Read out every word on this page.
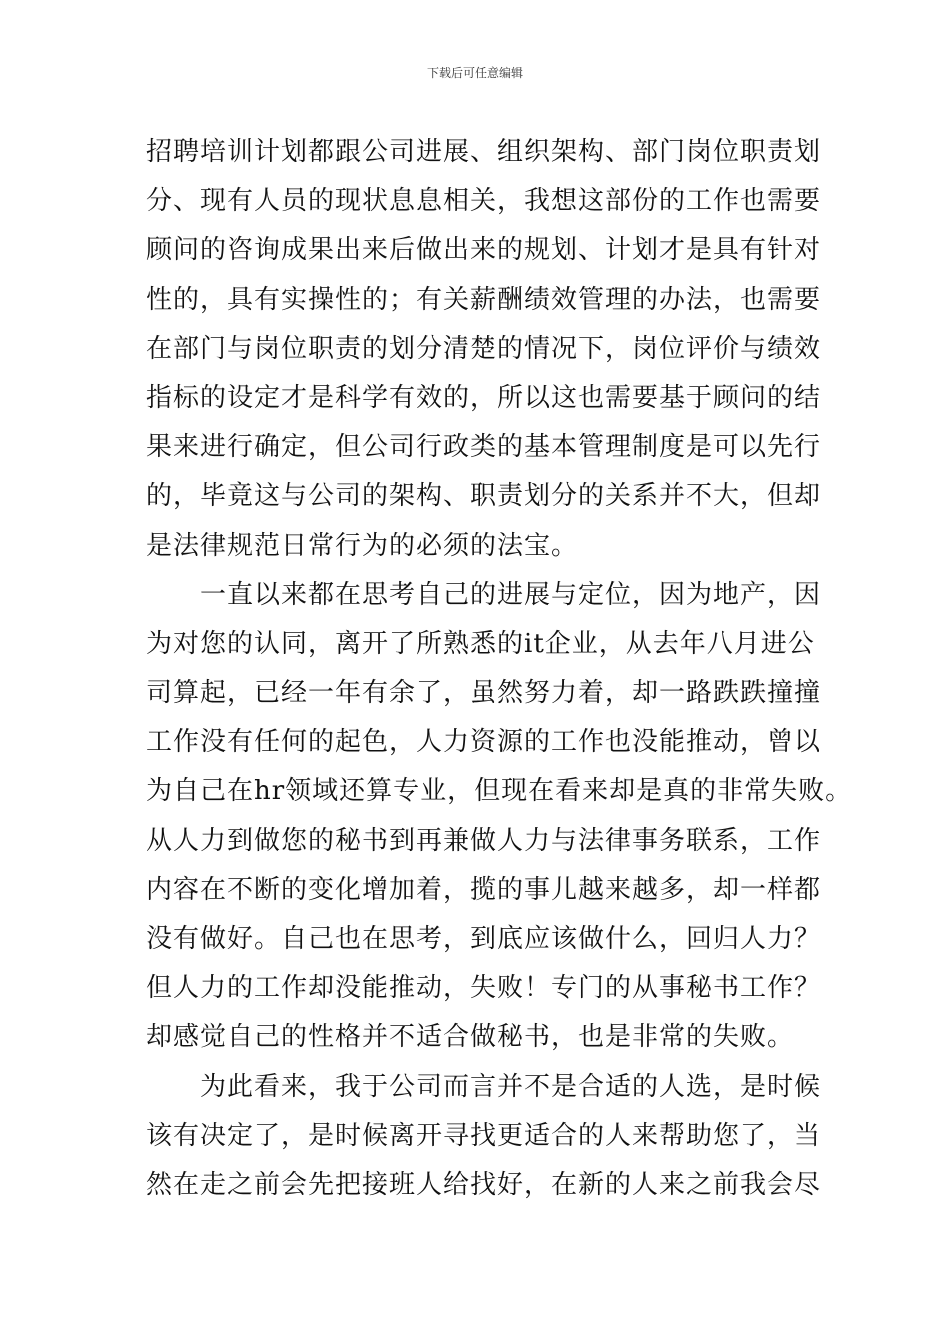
下载后可任意编辑
招聘培训计划都跟公司进展、组织架构、部门岗位职责划
分、现有人员的现状息息相关，我想这部份的工作也需要
顾问的咨询成果出来后做出来的规划、计划才是具有针对
性的，具有实操性的；有关薪酬绩效管理的办法，也需要
在部门与岗位职责的划分清楚的情况下，岗位评价与绩效
指标的设定才是科学有效的，所以这也需要基于顾问的结
果来进行确定，但公司行政类的基本管理制度是可以先行
的，毕竟这与公司的架构、职责划分的关系并不大，但却
是法律规范日常行为的必须的法宝。
　　一直以来都在思考自己的进展与定位，因为地产，因
为对您的认同，离开了所熟悉的it企业，从去年八月进公
司算起，已经一年有余了，虽然努力着，却一路跌跌撞撞
工作没有任何的起色，人力资源的工作也没能推动，曾以
为自己在hr领域还算专业，但现在看来却是真的非常失败。
从人力到做您的秘书到再兼做人力与法律事务联系，工作
内容在不断的变化增加着，揽的事儿越来越多，却一样都
没有做好。自己也在思考，到底应该做什么，回归人力？
但人力的工作却没能推动，失败！专门的从事秘书工作？
却感觉自己的性格并不适合做秘书，也是非常的失败。
　　为此看来，我于公司而言并不是合适的人选，是时候
该有决定了，是时候离开寻找更适合的人来帮助您了，当
然在走之前会先把接班人给找好，在新的人来之前我会尽
